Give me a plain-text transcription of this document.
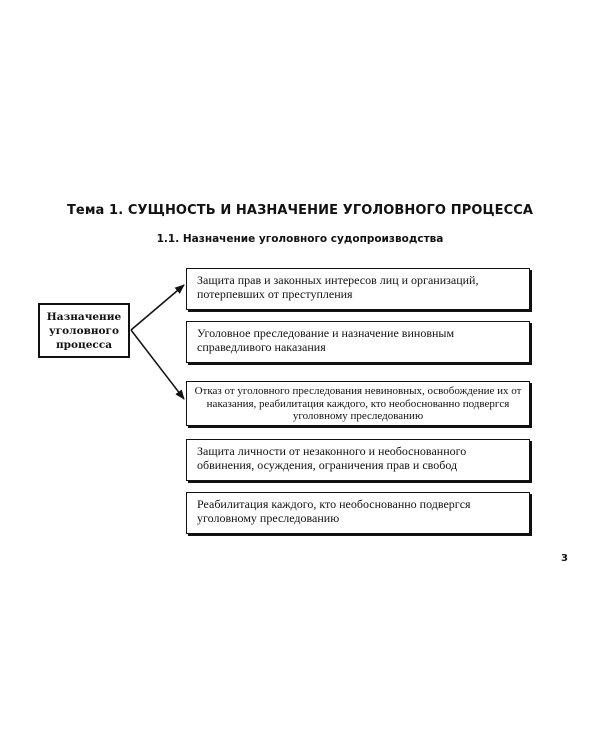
Тема 1. СУЩНОСТЬ И НАЗНАЧЕНИЕ УГОЛОВНОГО ПРОЦЕССА
1.1. Назначение уголовного судопроизводства
Назначение
уголовного
процесса
Защита прав и законных интересов лиц и организаций, потерпевших от преступления
Уголовное преследование и назначение виновным справедливого наказания
Отказ от уголовного преследования невиновных, освобождение их от наказания, реабилитация каждого, кто необоснованно подвергся уголовному преследованию
Защита личности от незаконного и необоснованного обвинения, осуждения, ограничения прав и свобод
Реабилитация каждого, кто необоснованно подвергся уголовному преследованию
3
